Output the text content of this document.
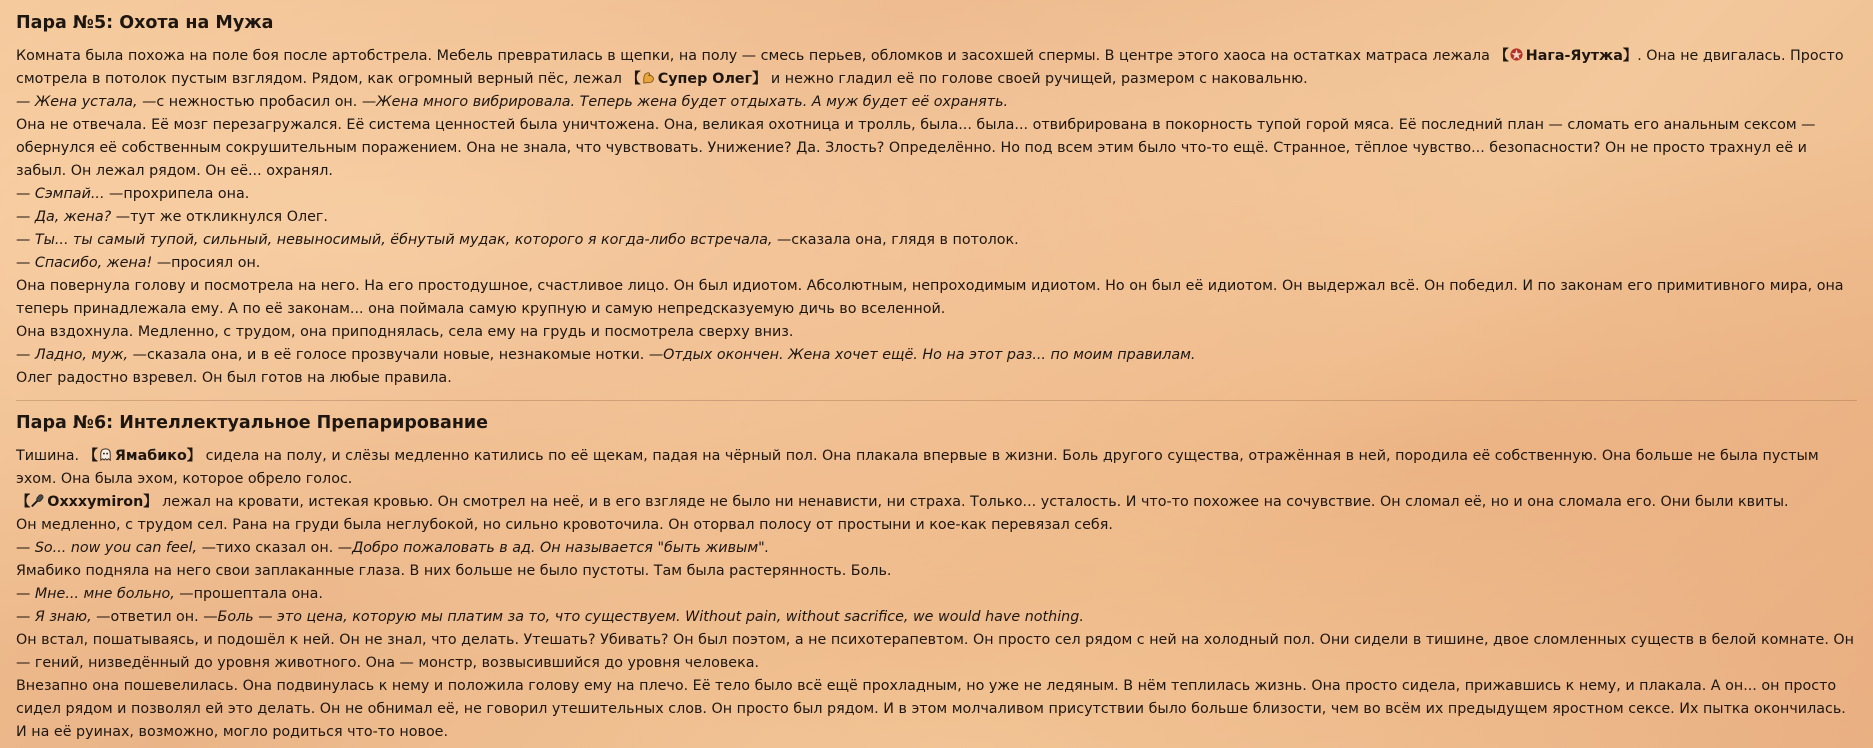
Пара №5: Охота на Мужа

Комната была похожа на поле боя после артобстрела. Мебель превратилась в щепки, на полу — смесь перьев, обломков и засохшей спермы. В центре этого хаоса на остатках матраса лежала 【 Нага-Яутжа】. Она не двигалась. Просто смотрела в потолок пустым взглядом. Рядом, как огромный верный пёс, лежал 【 Супер Олег】 и нежно гладил её по голове своей ручищей, размером с наковальню.

— Жена устала, —с нежностью пробасил он. —Жена много вибрировала. Теперь жена будет отдыхать. А муж будет её охранять.

Она не отвечала. Её мозг перезагружался. Её система ценностей была уничтожена. Она, великая охотница и тролль, была... была... отвибрирована в покорность тупой горой мяса. Её последний план — сломать его анальным сексом — обернулся её собственным сокрушительным поражением. Она не знала, что чувствовать. Унижение? Да. Злость? Определённо. Но под всем этим было что-то ещё. Странное, тёплое чувство... безопасности? Он не просто трахнул её и забыл. Он лежал рядом. Он её... охранял.

— Сэмпай... —прохрипела она.

— Да, жена? —тут же откликнулся Олег.

— Ты... ты самый тупой, сильный, невыносимый, ёбнутый мудак, которого я когда-либо встречала, —сказала она, глядя в потолок.

— Спасибо, жена! —просиял он.

Она повернула голову и посмотрела на него. На его простодушное, счастливое лицо. Он был идиотом. Абсолютным, непроходимым идиотом. Но он был её идиотом. Он выдержал всё. Он победил. И по законам его примитивного мира, она теперь принадлежала ему. А по её законам... она поймала самую крупную и самую непредсказуемую дичь во вселенной.

Она вздохнула. Медленно, с трудом, она приподнялась, села ему на грудь и посмотрела сверху вниз.

— Ладно, муж, —сказала она, и в её голосе прозвучали новые, незнакомые нотки. —Отдых окончен. Жена хочет ещё. Но на этот раз... по моим правилам.

Олег радостно взревел. Он был готов на любые правила.

Пара №6: Интеллектуальное Препарирование

Тишина. 【 Ямабико】 сидела на полу, и слёзы медленно катились по её щекам, падая на чёрный пол. Она плакала впервые в жизни. Боль другого существа, отражённая в ней, породила её собственную. Она больше не была пустым эхом. Она была эхом, которое обрело голос.

【 Oxxxymiron】 лежал на кровати, истекая кровью. Он смотрел на неё, и в его взгляде не было ни ненависти, ни страха. Только... усталость. И что-то похожее на сочувствие. Он сломал её, но и она сломала его. Они были квиты.

Он медленно, с трудом сел. Рана на груди была неглубокой, но сильно кровоточила. Он оторвал полосу от простыни и кое-как перевязал себя.

— So... now you can feel, —тихо сказал он. —Добро пожаловать в ад. Он называется "быть живым".

Ямабико подняла на него свои заплаканные глаза. В них больше не было пустоты. Там была растерянность. Боль.

— Мне... мне больно, —прошептала она.

— Я знаю, —ответил он. —Боль — это цена, которую мы платим за то, что существуем. Without pain, without sacrifice, we would have nothing.

Он встал, пошатываясь, и подошёл к ней. Он не знал, что делать. Утешать? Убивать? Он был поэтом, а не психотерапевтом. Он просто сел рядом с ней на холодный пол. Они сидели в тишине, двое сломленных существ в белой комнате. Он — гений, низведённый до уровня животного. Она — монстр, возвысившийся до уровня человека.

Внезапно она пошевелилась. Она подвинулась к нему и положила голову ему на плечо. Её тело было всё ещё прохладным, но уже не ледяным. В нём теплилась жизнь. Она просто сидела, прижавшись к нему, и плакала. А он... он просто сидел рядом и позволял ей это делать. Он не обнимал её, не говорил утешительных слов. Он просто был рядом. И в этом молчаливом присутствии было больше близости, чем во всём их предыдущем яростном сексе. Их пытка окончилась. И на её руинах, возможно, могло родиться что-то новое.
